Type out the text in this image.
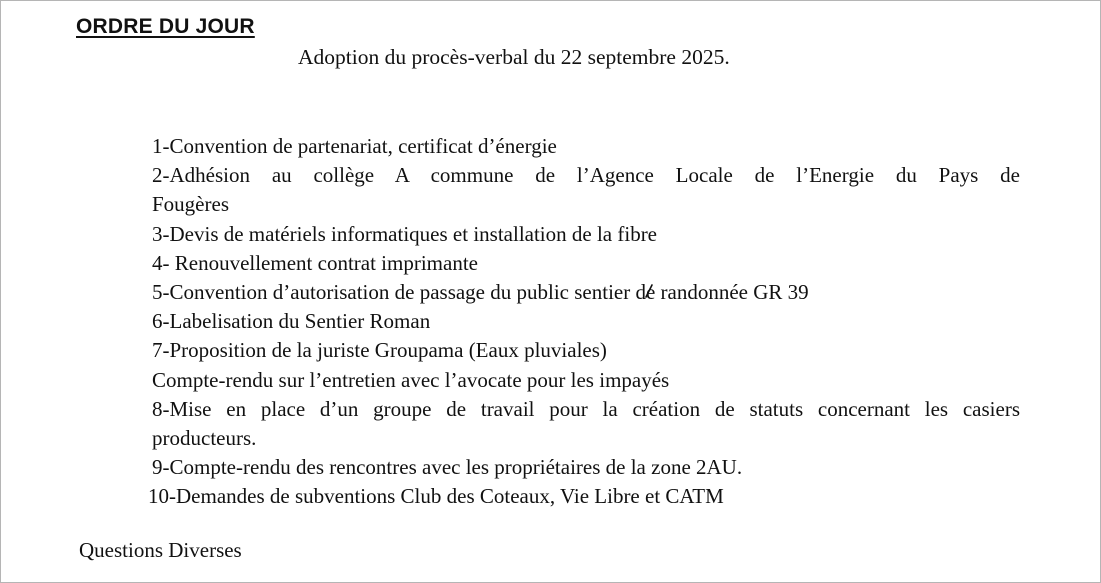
ORDRE DU JOUR
Adoption du procès-verbal du 22 septembre 2025.
1-Convention de partenariat, certificat d’énergie
2-Adhésion au collège A commune de l’Agence Locale de l’Energie du Pays de
Fougères
3-Devis de matériels informatiques et installation de la fibre
4- Renouvellement contrat imprimante
5-Convention d’autorisation de passage du public sentier de randonnée GR 39
6-Labelisation du Sentier Roman
7-Proposition de la juriste Groupama (Eaux pluviales)
Compte-rendu sur l’entretien avec l’avocate pour les impayés
8-Mise en place d’un groupe de travail pour la création de statuts concernant les casiers
producteurs.
9-Compte-rendu des rencontres avec les propriétaires de la zone 2AU.
10-Demandes de subventions Club des Coteaux, Vie Libre et CATM
Questions Diverses
